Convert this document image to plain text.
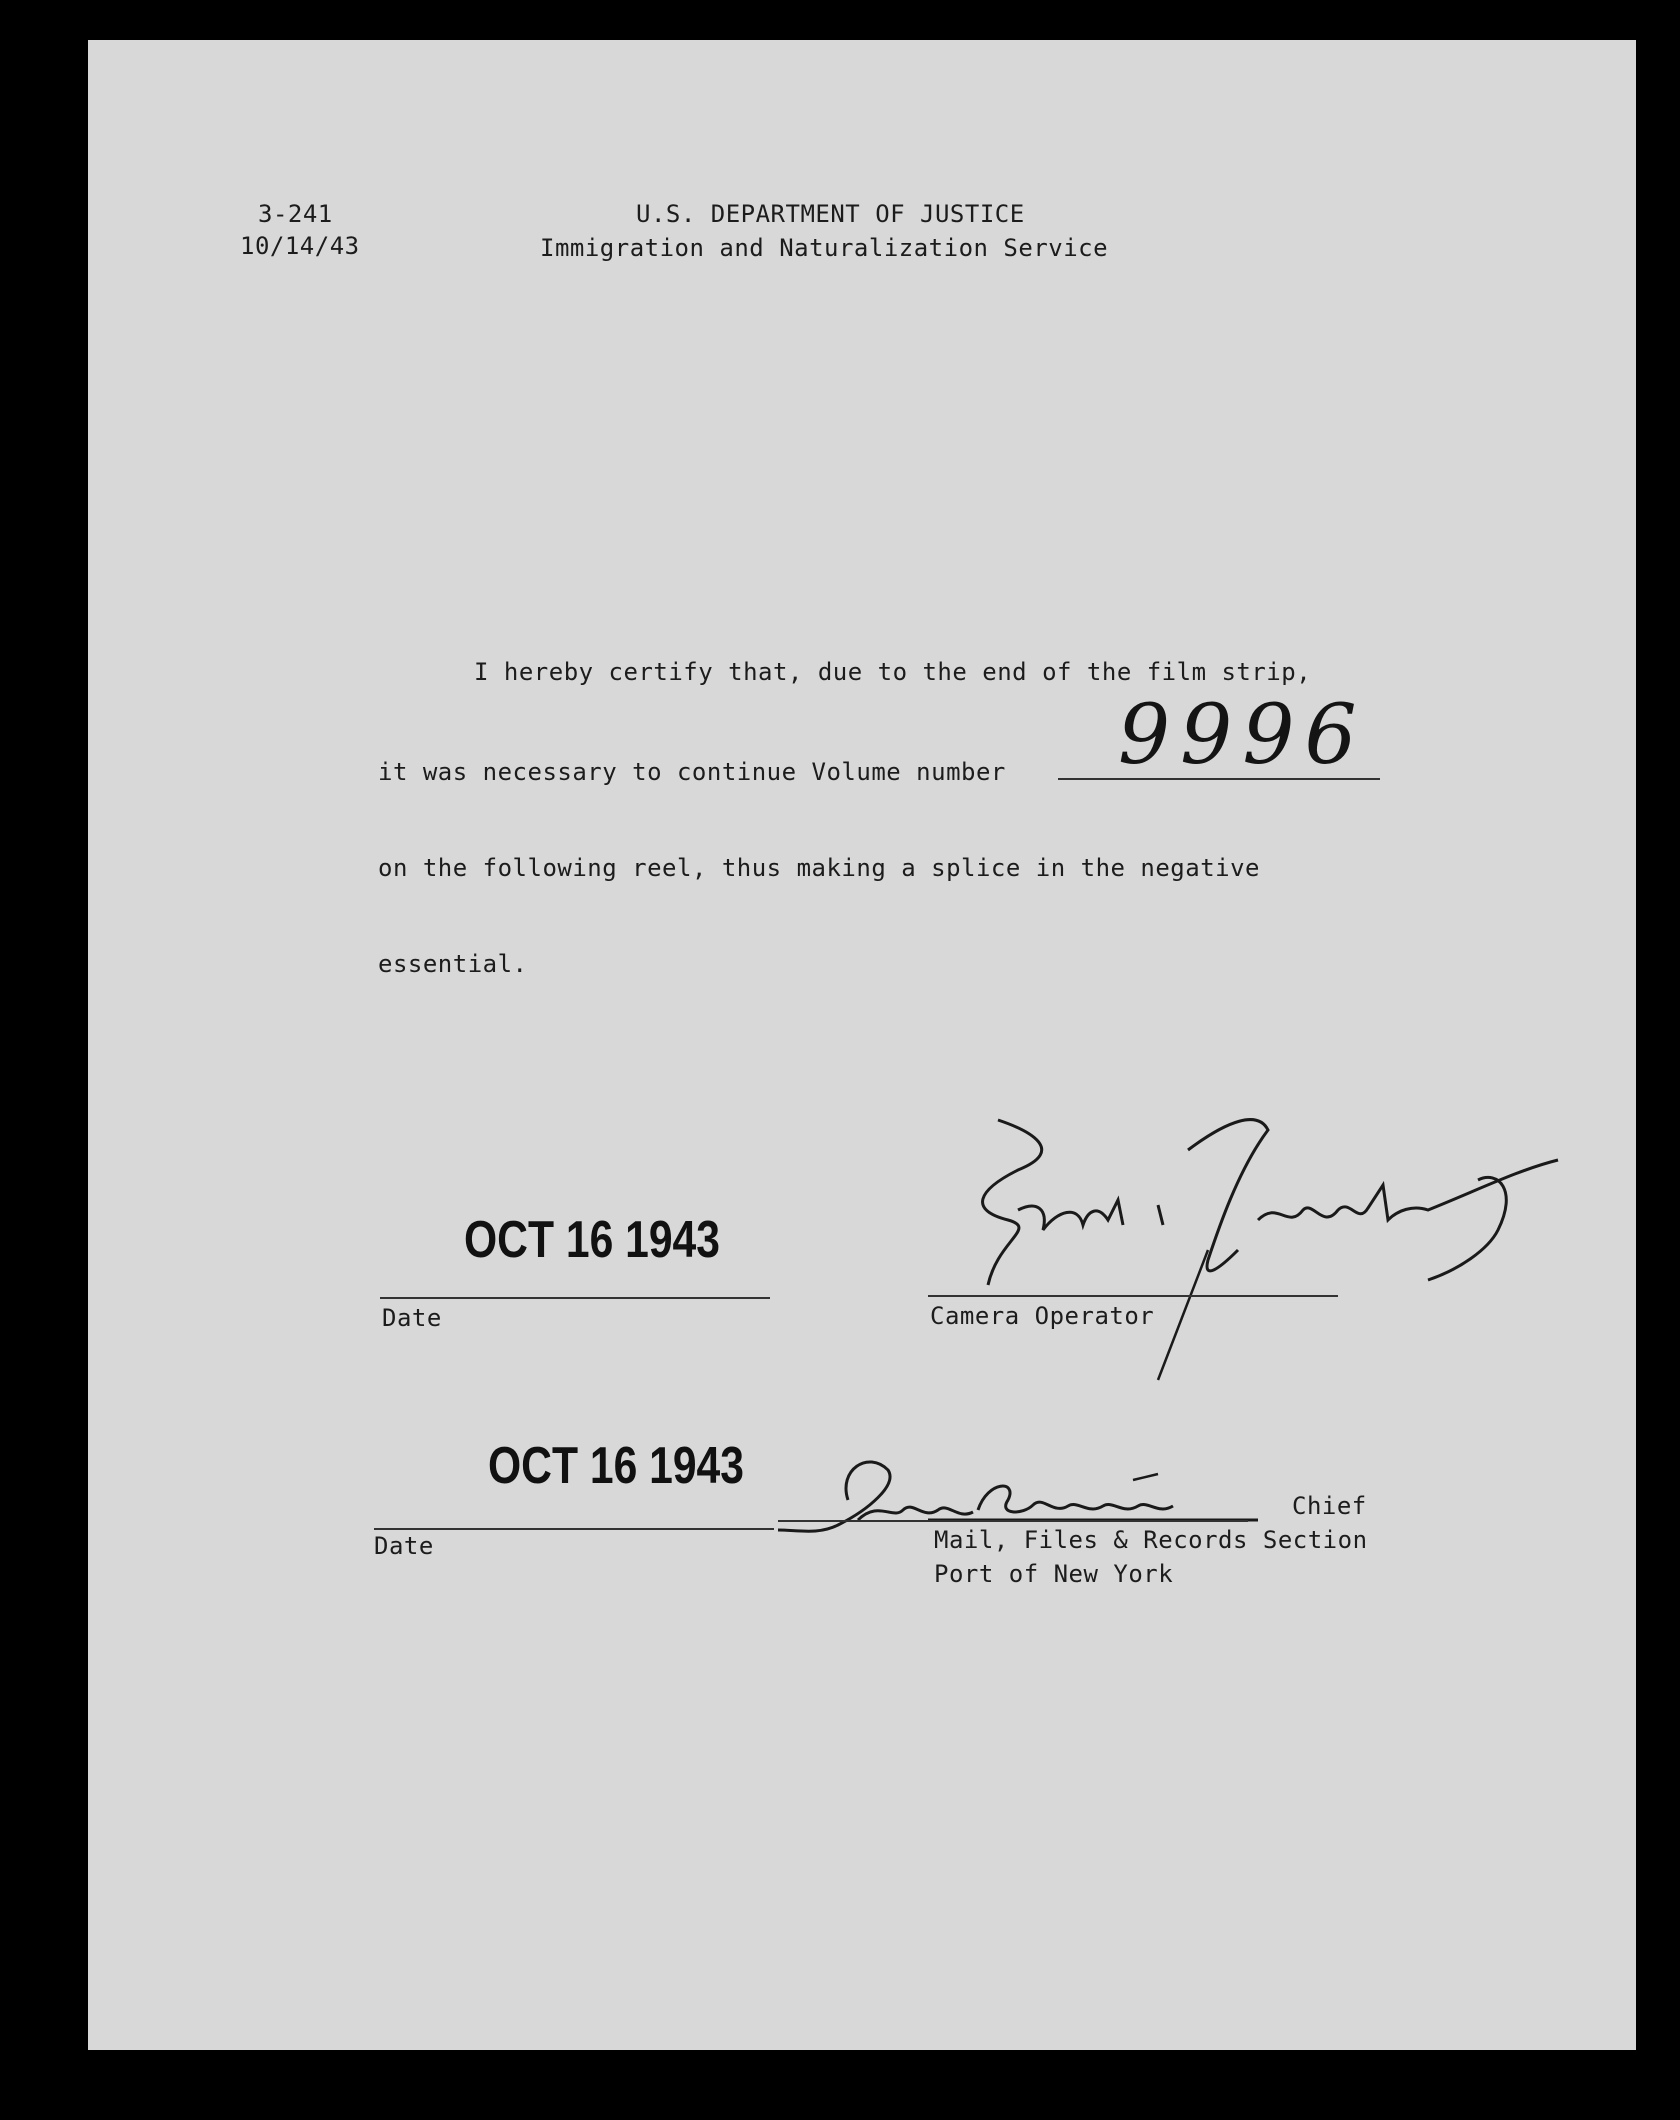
3-241
10/14/43
U.S. DEPARTMENT OF JUSTICE
Immigration and Naturalization Service
I hereby certify that, due to the end of the film strip,
it was necessary to continue Volume number 9996
on the following reel, thus making a splice in the negative
essential.
OCT 16 1943
Date	Camera Operator
OCT 16 1943
Date
Chief
Mail, Files & Records Section
Port of New York
